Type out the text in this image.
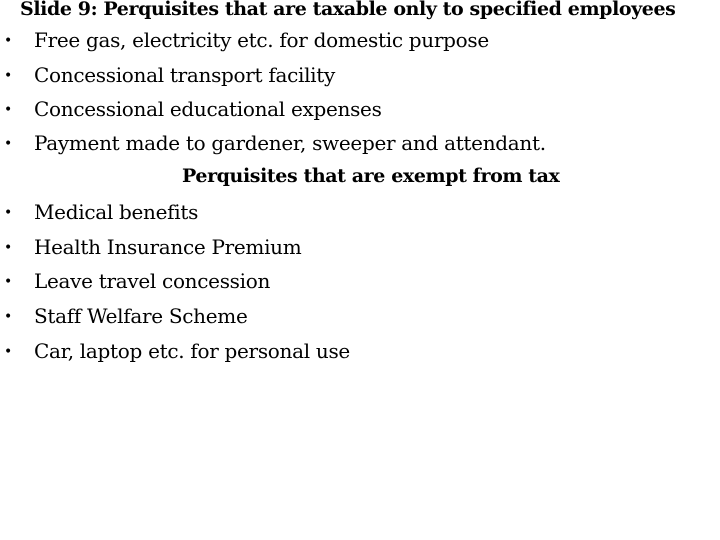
Slide 9: Perquisites that are taxable only to specified employees
• Free gas, electricity etc. for domestic purpose
• Concessional transport facility
• Concessional educational expenses
• Payment made to gardener, sweeper and attendant.
Perquisites that are exempt from tax
• Medical benefits
• Health Insurance Premium
• Leave travel concession
• Staff Welfare Scheme
• Car, laptop etc. for personal use
